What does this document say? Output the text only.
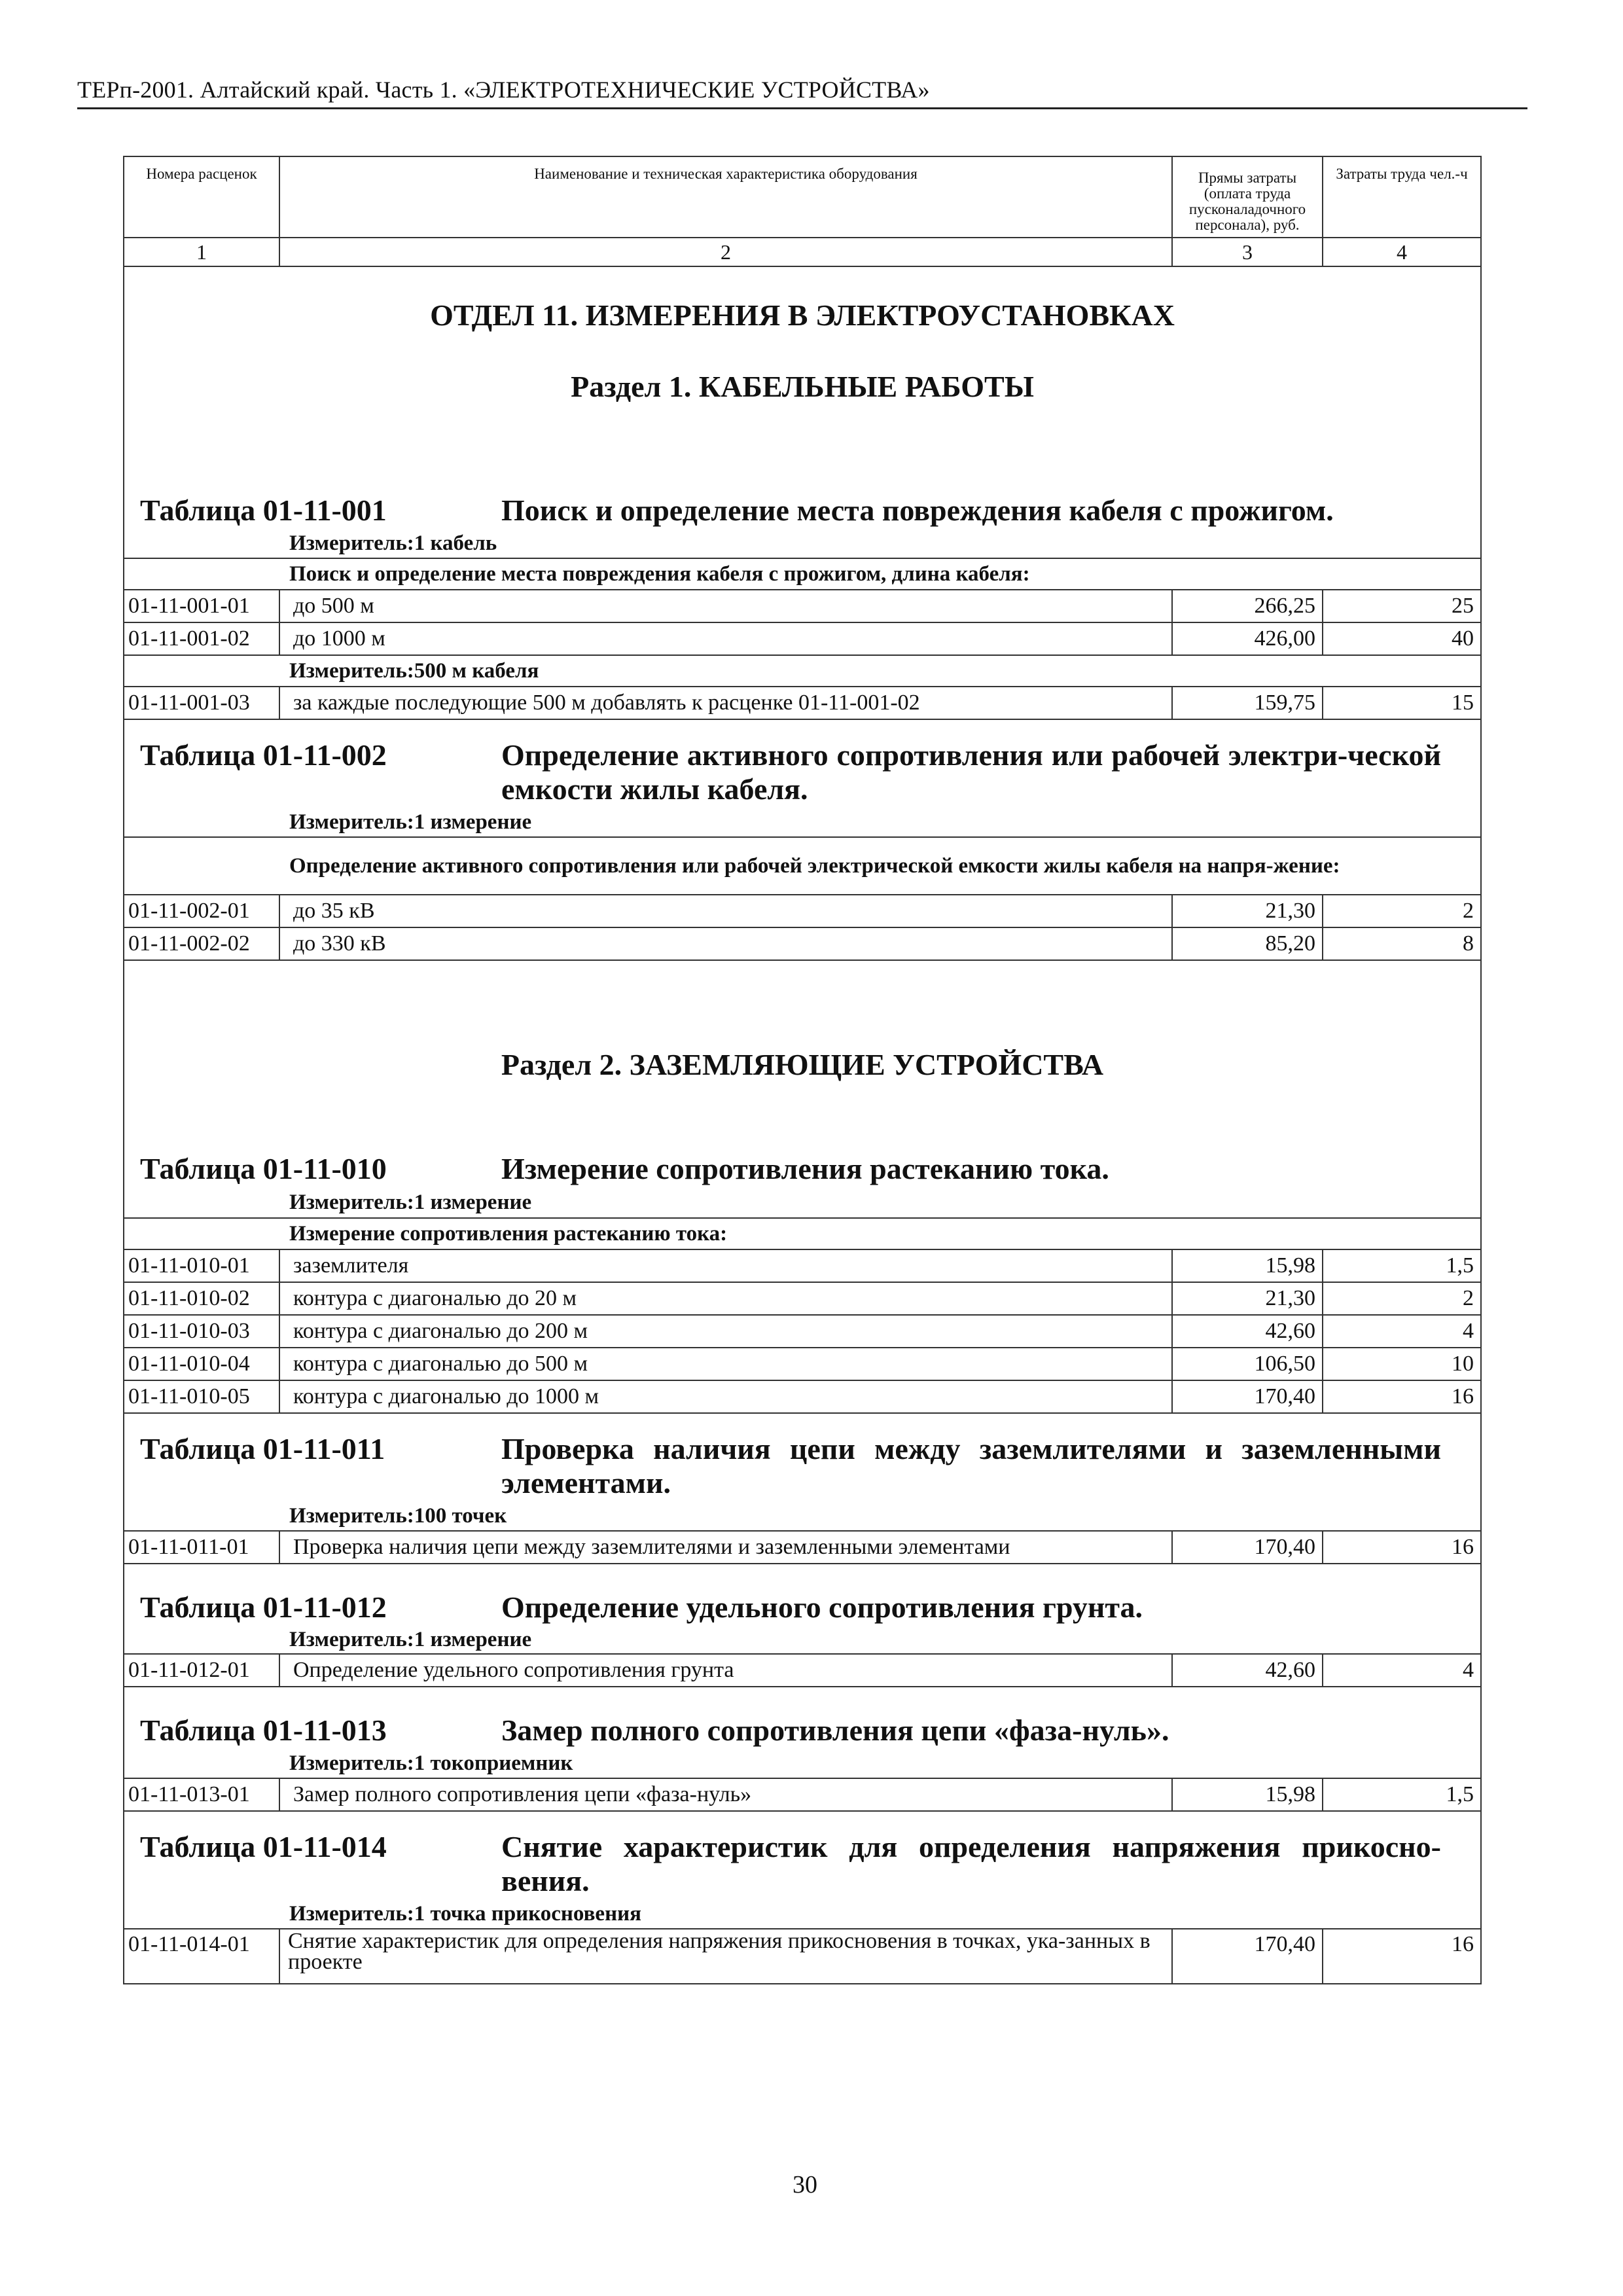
ТЕРп-2001. Алтайский край. Часть 1. «ЭЛЕКТРОТЕХНИЧЕСКИЕ УСТРОЙСТВА»
Номера расценок	Наименование и техническая характеристика оборудования	Прямы затраты (оплата труда пусконаладочного персонала), руб.	Затраты труда чел.-ч
1	2	3	4
ОТДЕЛ 11. ИЗМЕРЕНИЯ В ЭЛЕКТРОУСТАНОВКАХ			
Раздел 1. КАБЕЛЬНЫЕ РАБОТЫ			

Таблица 01-11-001 Поиск и определение места повреждения кабеля с прожигом.			

Измеритель:1 кабель			
Поиск и определение места повреждения кабеля с прожигом, длина кабеля:			
01-11-001-01	до 500 м	266,25	25
01-11-001-02	до 1000 м	426,00	40
Измеритель:500 м кабеля			
01-11-001-03	за каждые последующие 500 м добавлять к расценке 01-11-001-02	159,75	15

Таблица 01-11-002 Определение активного сопротивления или рабочей электри-ческой емкости жилы кабеля.			

Измеритель:1 измерение			
Определение активного сопротивления или рабочей электрической емкости жилы кабеля на напря-жение:			
01-11-002-01	до 35 кВ	21,30	2
01-11-002-02	до 330 кВ	85,20	8
Раздел 2. ЗАЗЕМЛЯЮЩИЕ УСТРОЙСТВА			

Таблица 01-11-010 Измерение сопротивления растеканию тока.			

Измеритель:1 измерение			
Измерение сопротивления растеканию тока:			
01-11-010-01	заземлителя	15,98	1,5
01-11-010-02	контура с диагональю до 20 м	21,30	2
01-11-010-03	контура с диагональю до 200 м	42,60	4
01-11-010-04	контура с диагональю до 500 м	106,50	10
01-11-010-05	контура с диагональю до 1000 м	170,40	16

Таблица 01-11-011 Проверка наличия цепи между заземлителями и заземленными элементами.			

Измеритель:100 точек			
01-11-011-01	Проверка наличия цепи между заземлителями и заземленными элементами	170,40	16

Таблица 01-11-012 Определение удельного сопротивления грунта.			

Измеритель:1 измерение			
01-11-012-01	Определение удельного сопротивления грунта	42,60	4

Таблица 01-11-013 Замер полного сопротивления цепи «фаза-нуль».			

Измеритель:1 токоприемник			
01-11-013-01	Замер полного сопротивления цепи «фаза-нуль»	15,98	1,5

Таблица 01-11-014 Снятие характеристик для определения напряжения прикосно-вения.			

Измеритель:1 точка прикосновения			
01-11-014-01	Снятие характеристик для определения напряжения прикосновения в точках, ука-занных в проекте	170,40	16
30
